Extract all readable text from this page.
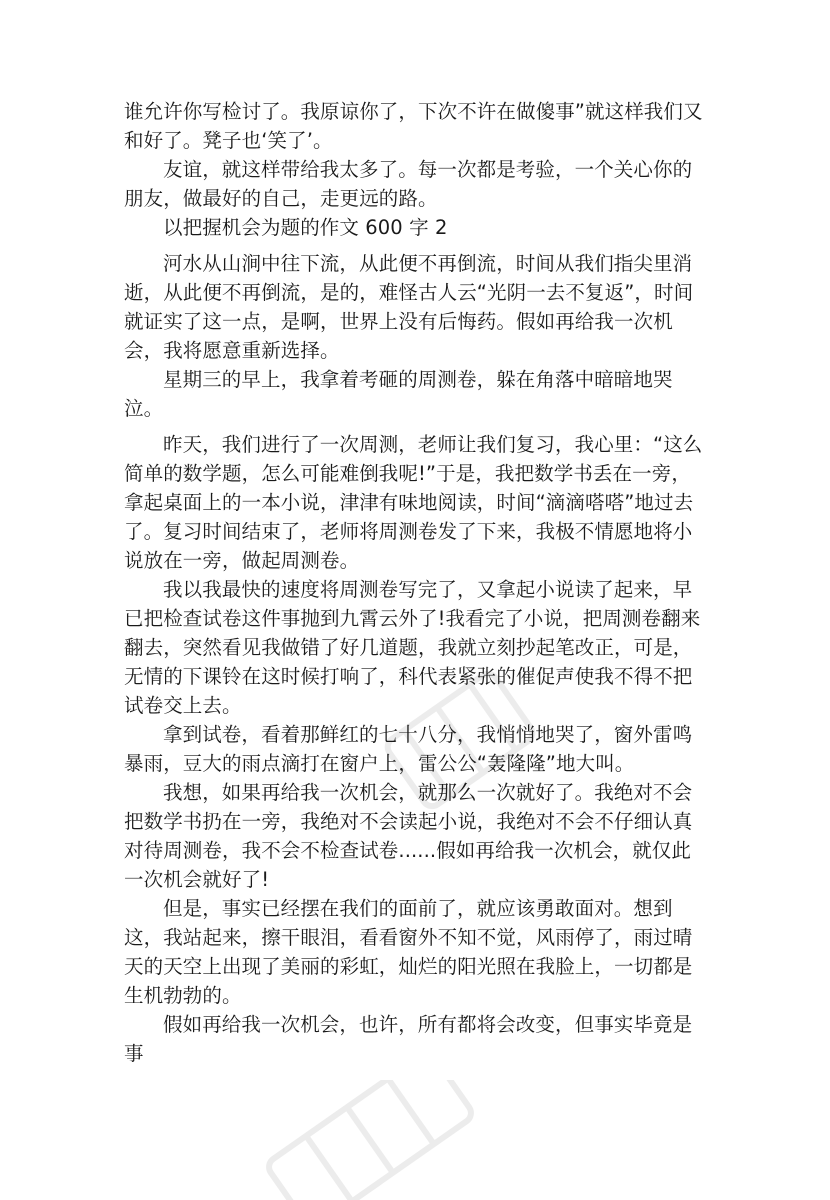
谁允许你写检讨了。我原谅你了，下次不许在做傻事”就这样我们又和好了。凳子也‘笑了’。

友谊，就这样带给我太多了。每一次都是考验，一个关心你的朋友，做最好的自己，走更远的路。

以把握机会为题的作文 600 字 2

河水从山涧中往下流，从此便不再倒流，时间从我们指尖里消逝，从此便不再倒流，是的，难怪古人云“光阴一去不复返”，时间就证实了这一点，是啊，世界上没有后悔药。假如再给我一次机会，我将愿意重新选择。

星期三的早上，我拿着考砸的周测卷，躲在角落中暗暗地哭泣。

昨天，我们进行了一次周测，老师让我们复习，我心里：“这么简单的数学题，怎么可能难倒我呢!”于是，我把数学书丢在一旁，拿起桌面上的一本小说，津津有味地阅读，时间“滴滴嗒嗒”地过去了。复习时间结束了，老师将周测卷发了下来，我极不情愿地将小说放在一旁，做起周测卷。

我以我最快的速度将周测卷写完了，又拿起小说读了起来，早已把检查试卷这件事抛到九霄云外了!我看完了小说，把周测卷翻来翻去，突然看见我做错了好几道题，我就立刻抄起笔改正，可是，无情的下课铃在这时候打响了，科代表紧张的催促声使我不得不把试卷交上去。

拿到试卷，看着那鲜红的七十八分，我悄悄地哭了，窗外雷鸣暴雨，豆大的雨点滴打在窗户上，雷公公“轰隆隆”地大叫。

我想，如果再给我一次机会，就那么一次就好了。我绝对不会把数学书扔在一旁，我绝对不会读起小说，我绝对不会不仔细认真对待周测卷，我不会不检查试卷......假如再给我一次机会，就仅此一次机会就好了!

但是，事实已经摆在我们的面前了，就应该勇敢面对。想到这，我站起来，擦干眼泪，看看窗外不知不觉，风雨停了，雨过晴天的天空上出现了美丽的彩虹，灿烂的阳光照在我脸上，一切都是生机勃勃的。

假如再给我一次机会，也许，所有都将会改变，但事实毕竟是事
